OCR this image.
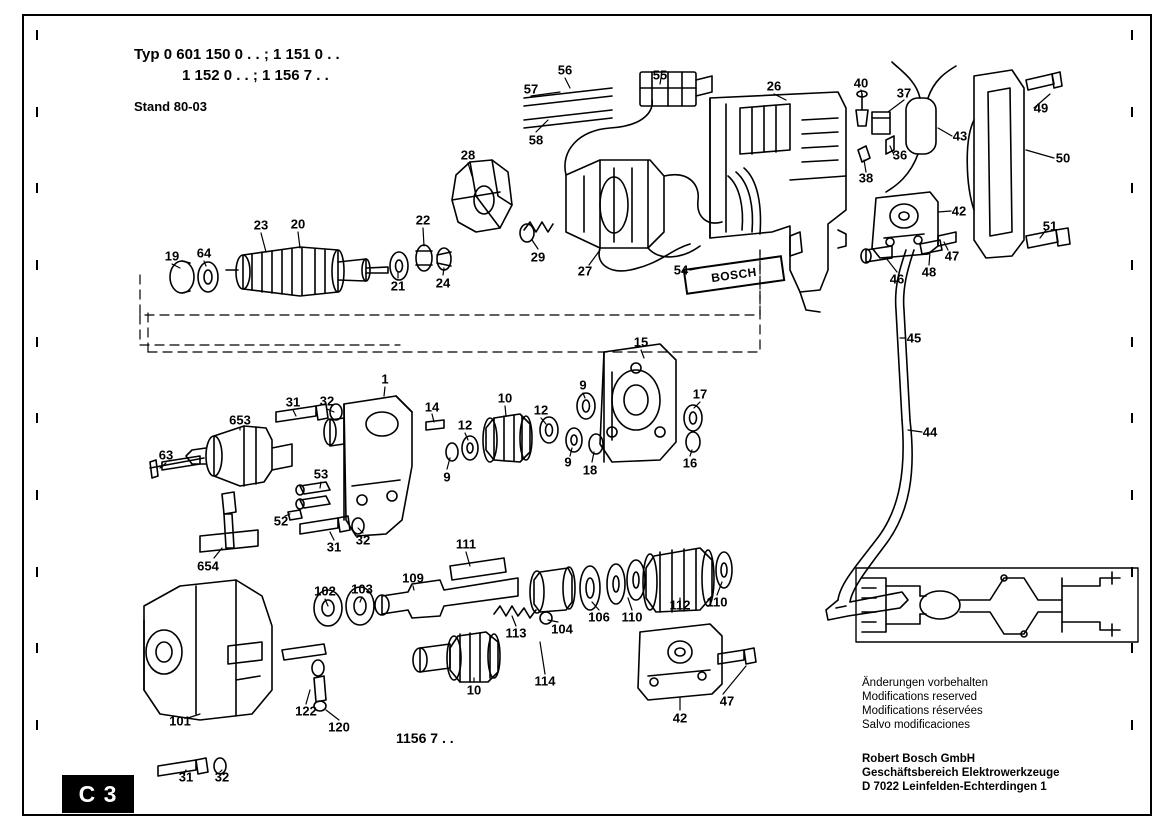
Typ 0 601 150 0 . . ; 1 151 0 . .
1 152 0 . . ; 1 156 7 . .
Stand 80-03
1156 7 . .
C 3
Änderungen vorbehalten
Modifications reserved
Modifications réservées
Salvo modificaciones
Robert Bosch GmbH
Geschäftsbereich Elektrowerkzeuge
D 7022 Leinfelden-Echterdingen 1
BOSCH
57
56
58
55
26	40
37
49
43
50
36
38
28
42
51
23 20	22
29
27
19 64
21 24
54
46 48
47
45
15
44
1
31 32	14
10
12
12
9
9
18
17
16
653
63
53
52
31 32
9
654
111
102 103
109
113 104
106 110
112 110
114
10
42
47
101
122
120
31 32
